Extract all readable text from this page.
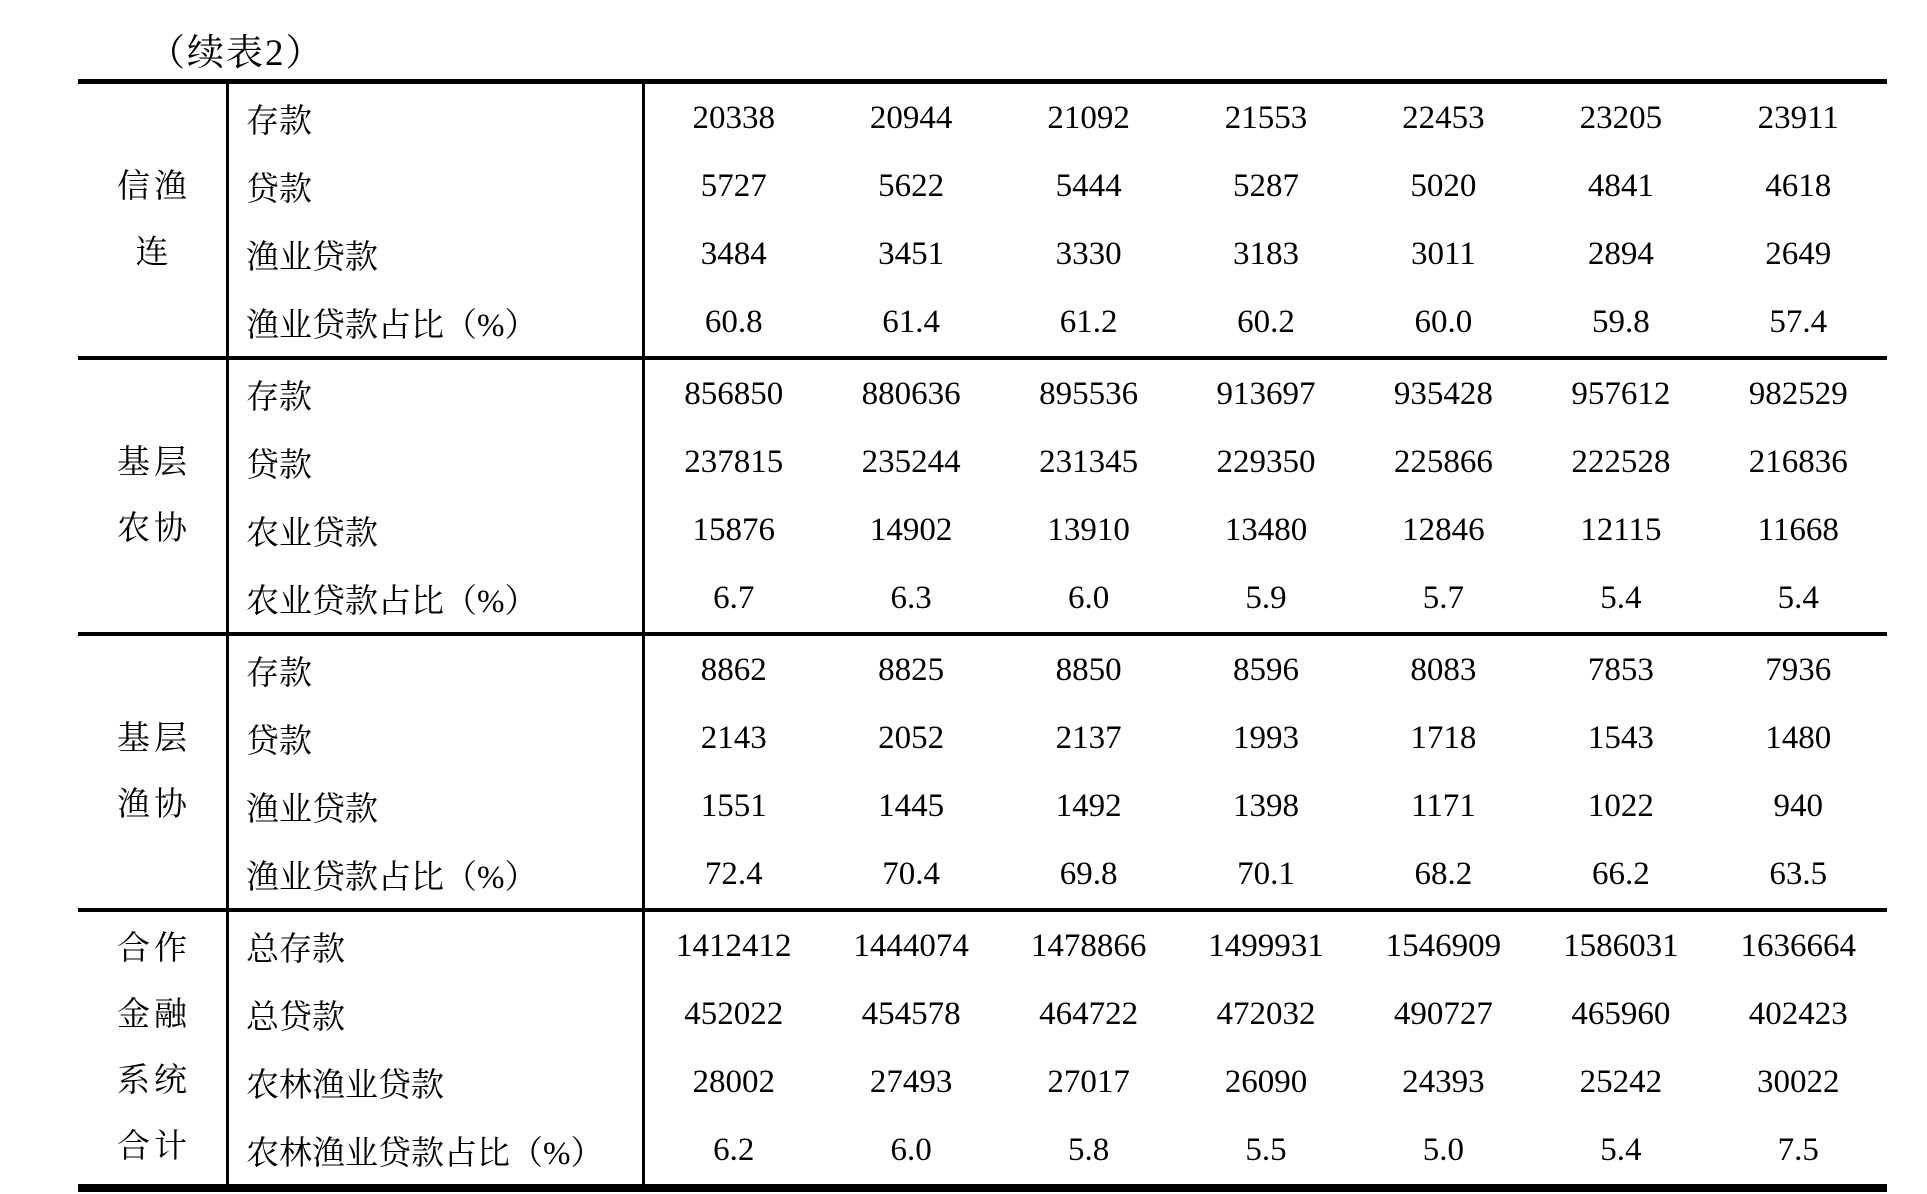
（续表2）
信渔
连
存款	20338	20944	21092	21553	22453	23205	23911
贷款	5727	5622	5444	5287	5020	4841	4618
渔业贷款	3484	3451	3330	3183	3011	2894	2649
渔业贷款占比（%）	60.8	61.4	61.2	60.2	60.0	59.8	57.4
基层
农协
存款	856850	880636	895536	913697	935428	957612	982529
贷款	237815	235244	231345	229350	225866	222528	216836
农业贷款	15876	14902	13910	13480	12846	12115	11668
农业贷款占比（%）	6.7	6.3	6.0	5.9	5.7	5.4	5.4
基层
渔协
存款	8862	8825	8850	8596	8083	7853	7936
贷款	2143	2052	2137	1993	1718	1543	1480
渔业贷款	1551	1445	1492	1398	1171	1022	940
渔业贷款占比（%）	72.4	70.4	69.8	70.1	68.2	66.2	63.5
合作
金融
系统
合计
总存款	1412412	1444074	1478866	1499931	1546909	1586031	1636664
总贷款	452022	454578	464722	472032	490727	465960	402423
农林渔业贷款	28002	27493	27017	26090	24393	25242	30022
农林渔业贷款占比（%）	6.2	6.0	5.8	5.5	5.0	5.4	7.5
